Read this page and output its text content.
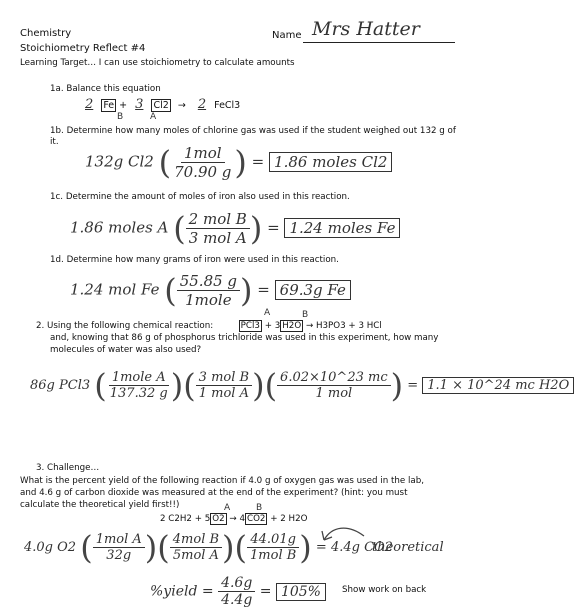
Chemistry
Stoichiometry Reflect #4
Name Mrs Hatter
Learning Target… I can use stoichiometry to calculate amounts
1a. Balance this equation
2 Fe + 3 Cl2 → 2 FeCl3
B	A
1b. Determine how many moles of chlorine gas was used if the student weighed out 132 g of it.
132g Cl2 ( $\frac{\text{1mol}}{70.90 g}$ ) = 1.86 moles Cl2
1c. Determine the amount of moles of iron also used in this reaction.
1.86 moles A ( $\frac{\text{2 mol B}}{\text{3 mol A}}$ ) = 1.24 moles Fe
1d. Determine how many grams of iron were used in this reaction.
1.24 mol Fe ( $\frac{55.85 g}{\text{1mole}}$ ) = 69.3g Fe
2. Using the following chemical reaction:	PCl3 + 3 H2O → H3PO3 + 3 HCl
A	B
and, knowing that 86 g of phosphorus trichloride was used in this experiment, how many
molecules of water was also used?
86g PCl3 ( $\frac{\text{1mole A}}{137.32 g}$ )( $\frac{\text{3 mol B}}{\text{1 mol A}}$ )( $\frac{6.02\times 10\^{}23 mc}{\text{1 mol}}$ ) = 1.1 × 10^24 mc H2O
3. Challenge…
What is the percent yield of the following reaction if 4.0 g of oxygen gas was used in the lab,
and 4.6 g of carbon dioxide was measured at the end of the experiment? (hint: you must
calculate the theoretical yield first!!)
2 C2H2 + 5 O2 → 4 CO2 + 2 H2O
A	B
4.0g O2 ( $\frac{\text{1mol A}}{32g}$ )( $\frac{\text{4mol B}}{\text{5mol A}}$ )( $\frac{44.01g}{\text{1mol B}}$ ) = 4.4g CO2
theoretical
%yield = $\frac{4.6g}{4.4g} = 105\%$	Show work on back
